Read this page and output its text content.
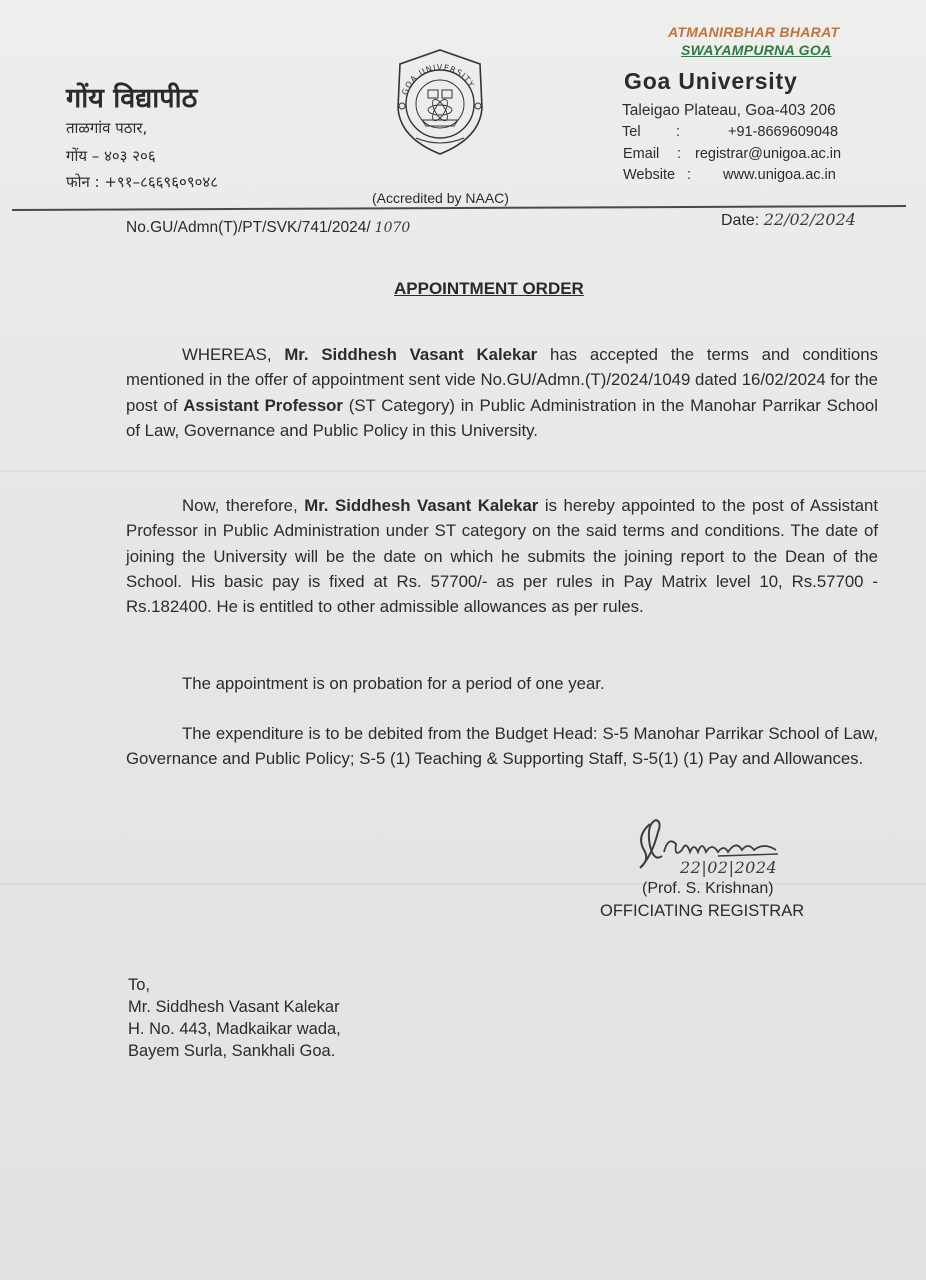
ATMANIRBHAR BHARAT
SWAYAMPURNA GOA
गोंय विद्यापीठ
ताळगांव पठार,
गोंय – ४०३ २०६
फोन : +९१–८६६९६०९०४८
GOA UNIVERSITY
(Accredited by NAAC)
Goa University
Taleigao Plateau, Goa-403 206
Tel :	+91-8669609048
Email : registrar@unigoa.ac.in
Website : www.unigoa.ac.in
No.GU/Admn(T)/PT/SVK/741/2024/ 1070	Date: 22/02/2024
APPOINTMENT ORDER
WHEREAS, Mr. Siddhesh Vasant Kalekar has accepted the terms and conditions mentioned in the offer of appointment sent vide No.GU/Admn.(T)/2024/1049 dated 16/02/2024 for the post of Assistant Professor (ST Category) in Public Administration in the Manohar Parrikar School of Law, Governance and Public Policy in this University.
Now, therefore, Mr. Siddhesh Vasant Kalekar is hereby appointed to the post of Assistant Professor in Public Administration under ST category on the said terms and conditions. The date of joining the University will be the date on which he submits the joining report to the Dean of the School. His basic pay is fixed at Rs. 57700/- as per rules in Pay Matrix level 10, Rs.57700 - Rs.182400. He is entitled to other admissible allowances as per rules.
The appointment is on probation for a period of one year.
The expenditure is to be debited from the Budget Head: S-5 Manohar Parrikar School of Law, Governance and Public Policy; S-5 (1) Teaching & Supporting Staff, S-5(1) (1) Pay and Allowances.
22|02|2024
(Prof. S. Krishnan)
OFFICIATING REGISTRAR
To,
Mr. Siddhesh Vasant Kalekar
H. No. 443, Madkaikar wada,
Bayem Surla, Sankhali Goa.
